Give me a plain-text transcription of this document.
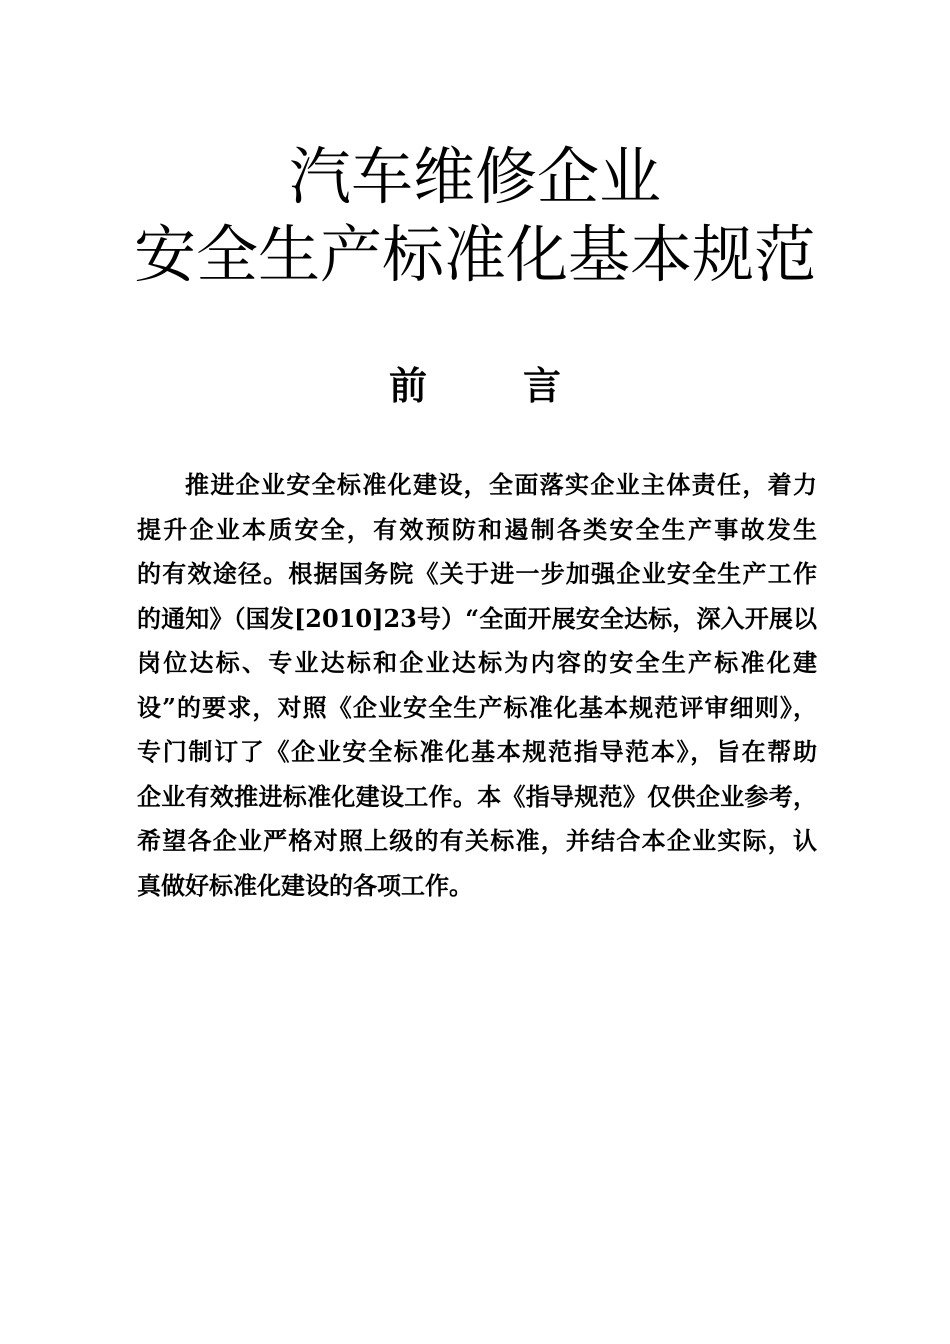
汽车维修企业
安全生产标准化基本规范
前	言
推进企业安全标准化建设，全面落实企业主体责任，着力
提升企业本质安全，有效预防和遏制各类安全生产事故发生
的有效途径。根据国务院《关于进一步加强企业安全生产工作
的通知》（国发[2010]23号）“全面开展安全达标，深入开展以
岗位达标、专业达标和企业达标为内容的安全生产标准化建
设”的要求，对照《企业安全生产标准化基本规范评审细则》，
专门制订了《企业安全标准化基本规范指导范本》，旨在帮助
企业有效推进标准化建设工作。本《指导规范》仅供企业参考，
希望各企业严格对照上级的有关标准，并结合本企业实际，认
真做好标准化建设的各项工作。
